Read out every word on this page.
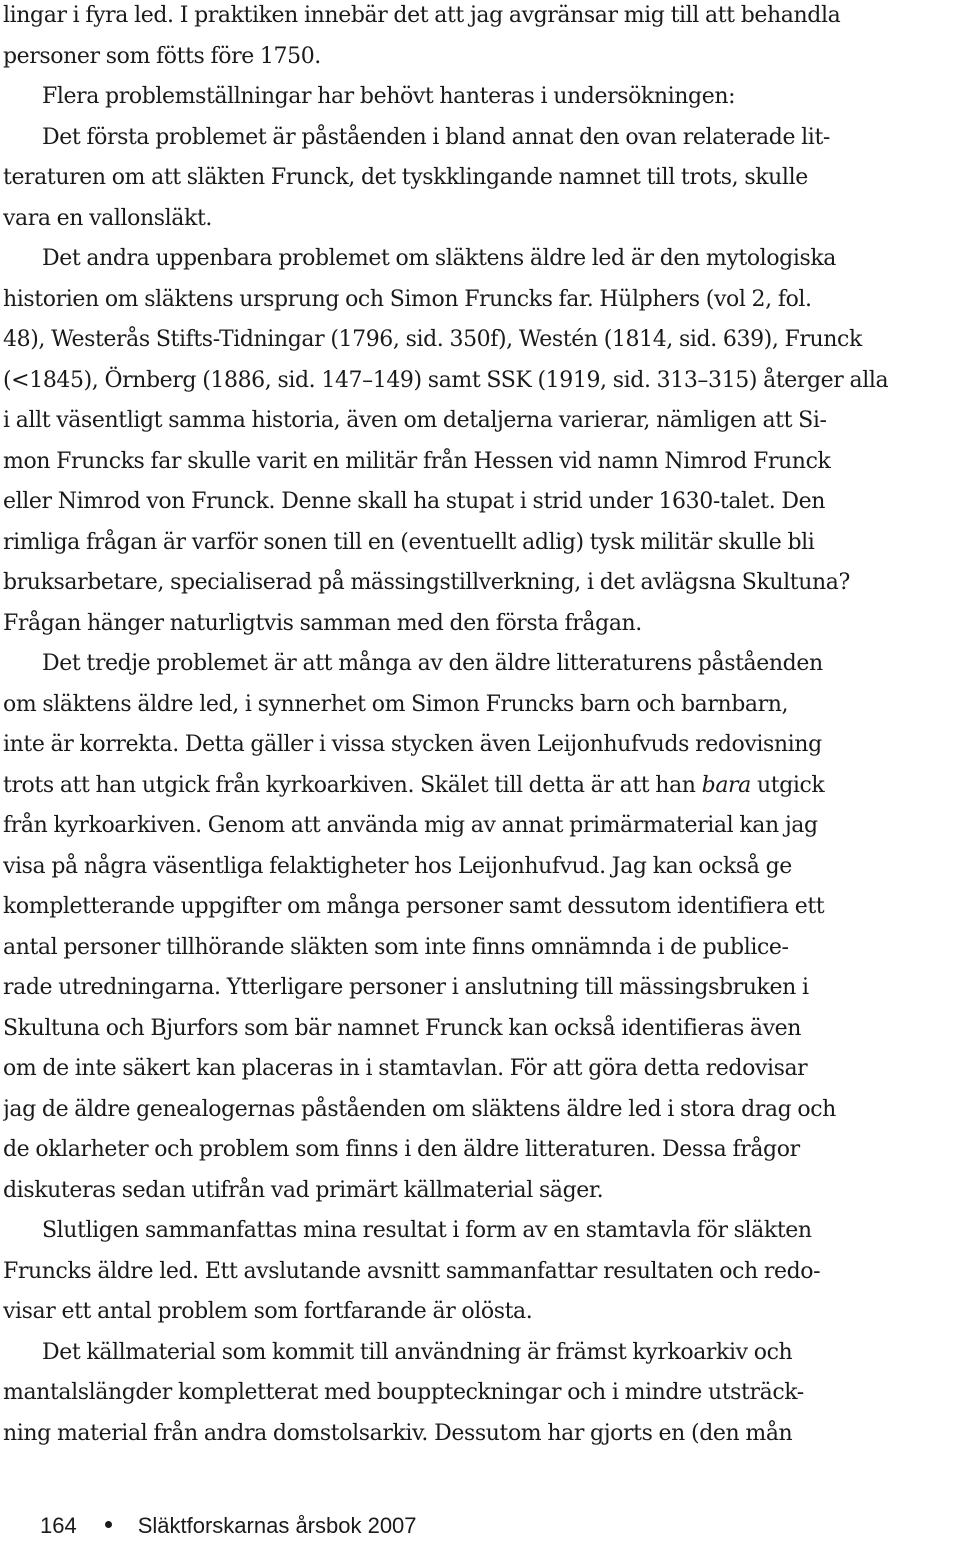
lingar i fyra led. I praktiken innebär det att jag avgränsar mig till att behandla
personer som fötts före 1750.
Flera problemställningar har behövt hanteras i undersökningen:
Det första problemet är påståenden i bland annat den ovan relaterade lit-
teraturen om att släkten Frunck, det tyskklingande namnet till trots, skulle
vara en vallonsläkt.
Det andra uppenbara problemet om släktens äldre led är den mytologiska
historien om släktens ursprung och Simon Fruncks far. Hülphers (vol 2, fol.
48), Westerås Stifts-Tidningar (1796, sid. 350f), Westén (1814, sid. 639), Frunck
(<1845), Örnberg (1886, sid. 147–149) samt SSK (1919, sid. 313–315) återger alla
i allt väsentligt samma historia, även om detaljerna varierar, nämligen att Si-
mon Fruncks far skulle varit en militär från Hessen vid namn Nimrod Frunck
eller Nimrod von Frunck. Denne skall ha stupat i strid under 1630-talet. Den
rimliga frågan är varför sonen till en (eventuellt adlig) tysk militär skulle bli
bruksarbetare, specialiserad på mässingstillverkning, i det avlägsna Skultuna?
Frågan hänger naturligtvis samman med den första frågan.
Det tredje problemet är att många av den äldre litteraturens påståenden
om släktens äldre led, i synnerhet om Simon Fruncks barn och barnbarn,
inte är korrekta. Detta gäller i vissa stycken även Leijonhufvuds redovisning
trots att han utgick från kyrkoarkiven. Skälet till detta är att han bara utgick
från kyrkoarkiven. Genom att använda mig av annat primärmaterial kan jag
visa på några väsentliga felaktigheter hos Leijonhufvud. Jag kan också ge
kompletterande uppgifter om många personer samt dessutom identifiera ett
antal personer tillhörande släkten som inte finns omnämnda i de publice-
rade utredningarna. Ytterligare personer i anslutning till mässingsbruken i
Skultuna och Bjurfors som bär namnet Frunck kan också identifieras även
om de inte säkert kan placeras in i stamtavlan. För att göra detta redovisar
jag de äldre genealogernas påståenden om släktens äldre led i stora drag och
de oklarheter och problem som finns i den äldre litteraturen. Dessa frågor
diskuteras sedan utifrån vad primärt källmaterial säger.
Slutligen sammanfattas mina resultat i form av en stamtavla för släkten
Fruncks äldre led. Ett avslutande avsnitt sammanfattar resultaten och redo-
visar ett antal problem som fortfarande är olösta.
Det källmaterial som kommit till användning är främst kyrkoarkiv och
mantalslängder kompletterat med bouppteckningar och i mindre utsträck-
ning material från andra domstolsarkiv. Dessutom har gjorts en (den mån
164	Släktforskarnas årsbok 2007
